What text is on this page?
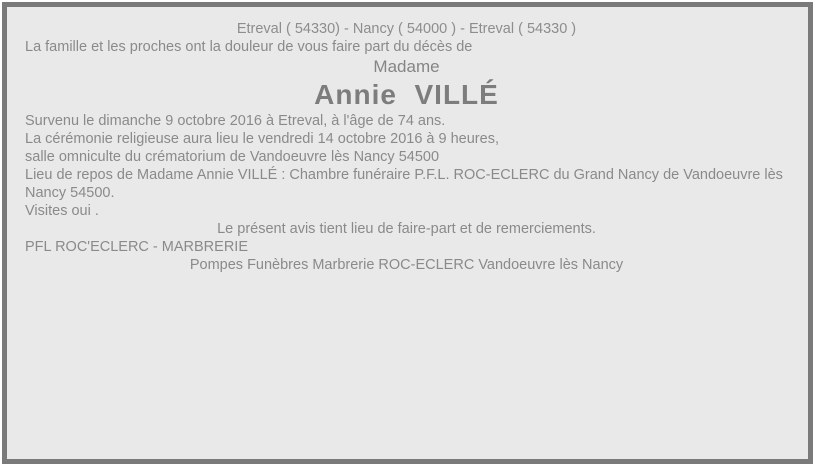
Etreval ( 54330) - Nancy ( 54000 ) - Etreval ( 54330 )

La famille et les proches ont la douleur de vous faire part du décès de

Madame

Annie  VILLÉ

Survenu le dimanche 9 octobre 2016 à Etreval, à l'âge de 74 ans.

La cérémonie religieuse aura lieu le vendredi 14 octobre 2016 à 9 heures,
salle omniculte du crématorium de Vandoeuvre lès Nancy 54500

Lieu de repos de Madame Annie VILLÉ : Chambre funéraire P.F.L. ROC-ECLERC du Grand Nancy de Vandoeuvre lès
Nancy 54500.

Visites oui .

Le présent avis tient lieu de faire-part et de remerciements.

PFL ROC'ECLERC - MARBRERIE

Pompes Funèbres Marbrerie ROC-ECLERC Vandoeuvre lès Nancy
